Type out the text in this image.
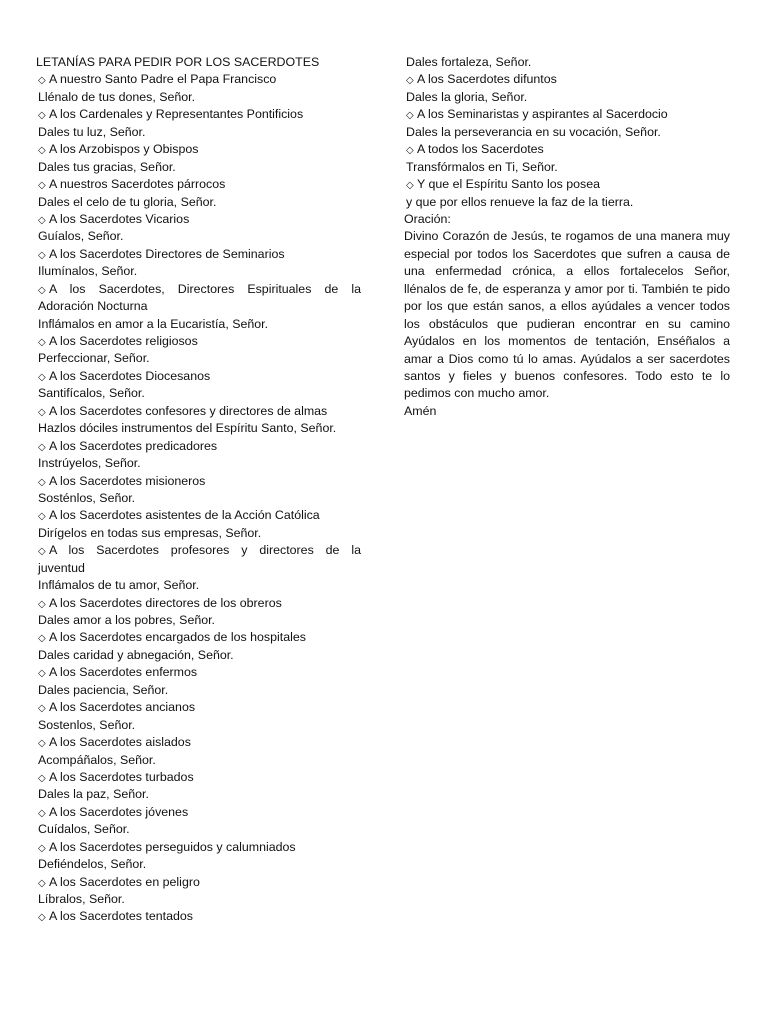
LETANÍAS PARA PEDIR POR LOS SACERDOTES
◇ A nuestro Santo Padre el Papa Francisco
Llénalo de tus dones, Señor.
◇ A los Cardenales y Representantes Pontificios
Dales tu luz, Señor.
◇ A los Arzobispos y Obispos
Dales tus gracias, Señor.
◇ A nuestros Sacerdotes párrocos
Dales el celo de tu gloria, Señor.
◇ A los Sacerdotes Vicarios
Guíalos, Señor.
◇ A los Sacerdotes Directores de Seminarios
Ilumínalos, Señor.
◇ A los Sacerdotes, Directores Espirituales de la
Adoración Nocturna
Inflámalos en amor a la Eucaristía, Señor.
◇ A los Sacerdotes religiosos
Perfeccionar, Señor.
◇ A los Sacerdotes Diocesanos
Santifícalos, Señor.
◇ A los Sacerdotes confesores y directores de almas
Hazlos dóciles instrumentos del Espíritu Santo, Señor.
◇ A los Sacerdotes predicadores
Instrúyelos, Señor.
◇ A los Sacerdotes misioneros
Sosténlos, Señor.
◇ A los Sacerdotes asistentes de la Acción Católica
Dirígelos en todas sus empresas, Señor.
◇ A los Sacerdotes profesores y directores de la
juventud
Inflámalos de tu amor, Señor.
◇ A los Sacerdotes directores de los obreros
Dales amor a los pobres, Señor.
◇ A los Sacerdotes encargados de los hospitales
Dales caridad y abnegación, Señor.
◇ A los Sacerdotes enfermos
Dales paciencia, Señor.
◇ A los Sacerdotes ancianos
Sostenlos, Señor.
◇ A los Sacerdotes aislados
Acompáñalos, Señor.
◇ A los Sacerdotes turbados
Dales la paz, Señor.
◇ A los Sacerdotes jóvenes
Cuídalos, Señor.
◇ A los Sacerdotes perseguidos y calumniados
Defiéndelos, Señor.
◇ A los Sacerdotes en peligro
Líbralos, Señor.
◇ A los Sacerdotes tentados
Dales fortaleza, Señor.
◇ A los Sacerdotes difuntos
Dales la gloria, Señor.
◇ A los Seminaristas y aspirantes al Sacerdocio
Dales la perseverancia en su vocación, Señor.
◇ A todos los Sacerdotes
Transfórmalos en Ti, Señor.
◇ Y que el Espíritu Santo los posea
y que por ellos renueve la faz de la tierra.
Oración:
Divino Corazón de Jesús, te rogamos de una manera muy especial por todos los Sacerdotes que sufren a causa de una enfermedad crónica, a ellos fortalecelos Señor, llénalos de fe, de esperanza y amor por ti. También te pido por los que están sanos, a ellos ayúdales a vencer todos los obstáculos que pudieran encontrar en su camino Ayúdalos en los momentos de tentación, Enséñalos a amar a Dios como tú lo amas. Ayúdalos a ser sacerdotes santos y fieles y buenos confesores. Todo esto te lo pedimos con mucho amor.
Amén
